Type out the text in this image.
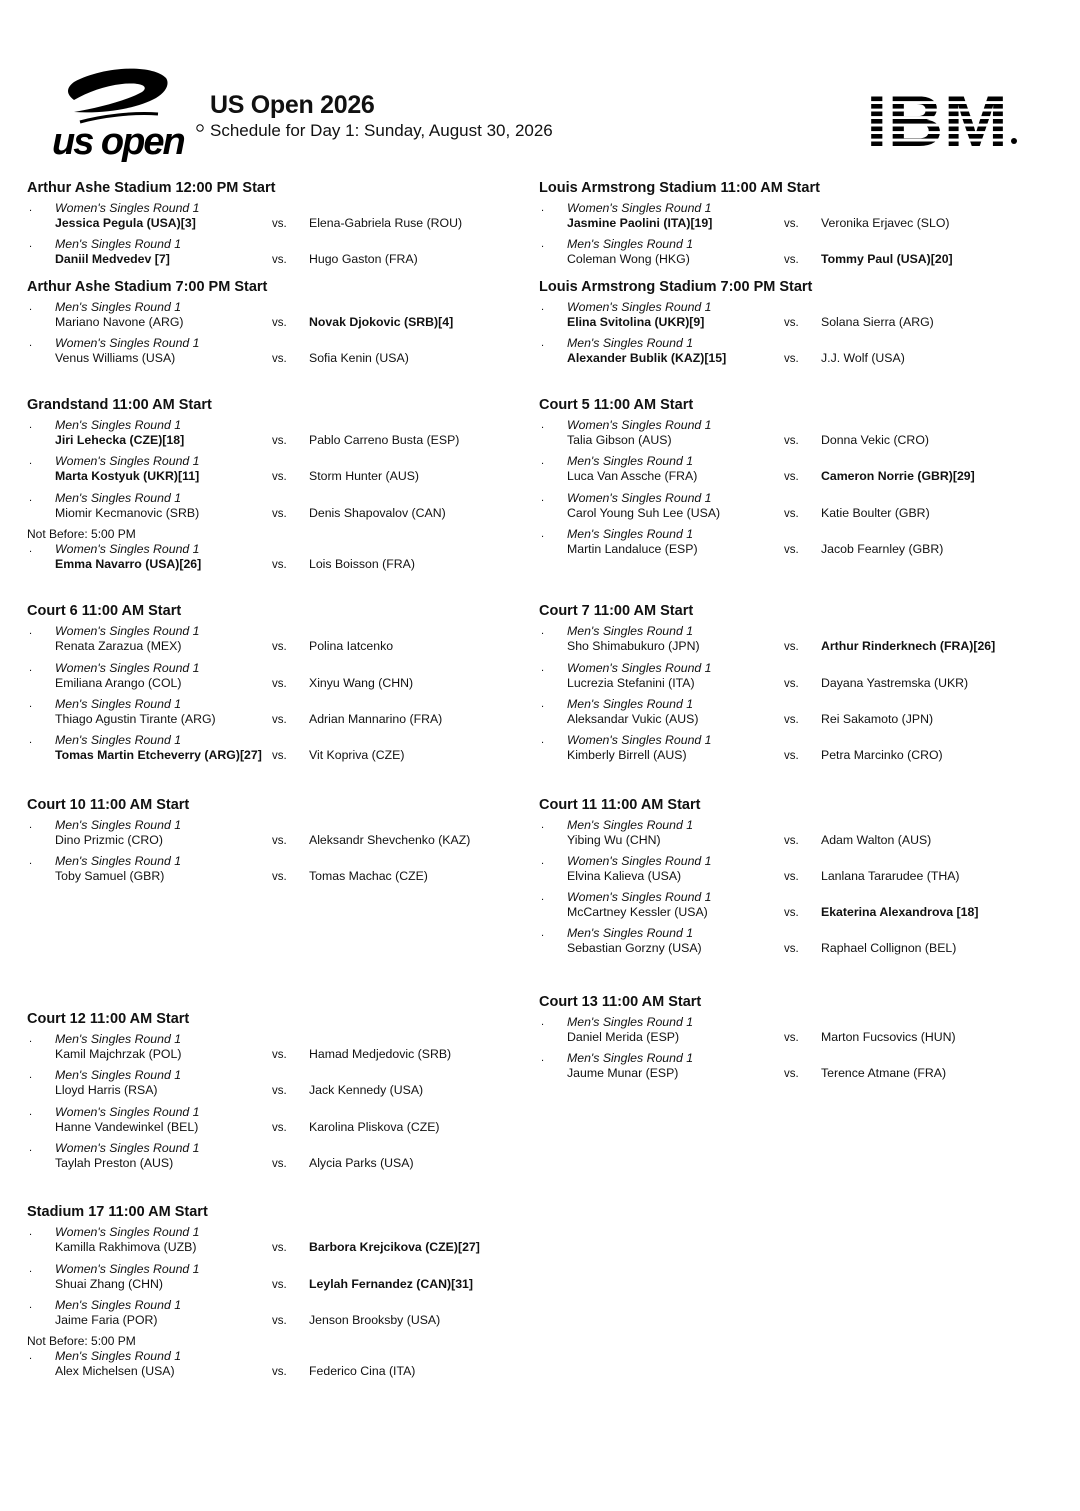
us open
US Open 2026
Schedule for Day 1: Sunday, August 30, 2026	IBM
Arthur Ashe Stadium 12:00 PM Start
. Women's Singles Round 1
Jessica Pegula (USA)[3]	vs. Elena-Gabriela Ruse (ROU)
. Men's Singles Round 1
Daniil Medvedev [7]	vs. Hugo Gaston (FRA)
Arthur Ashe Stadium 7:00 PM Start
. Men's Singles Round 1
Mariano Navone (ARG)	vs. Novak Djokovic (SRB)[4]
. Women's Singles Round 1
Venus Williams (USA)	vs. Sofia Kenin (USA)
Grandstand 11:00 AM Start
. Men's Singles Round 1
Jiri Lehecka (CZE)[18]	vs. Pablo Carreno Busta (ESP)
. Women's Singles Round 1
Marta Kostyuk (UKR)[11]	vs. Storm Hunter (AUS)
. Men's Singles Round 1
Miomir Kecmanovic (SRB)	vs. Denis Shapovalov (CAN)
Not Before: 5:00 PM
. Women's Singles Round 1
Emma Navarro (USA)[26]	vs. Lois Boisson (FRA)
Court 6 11:00 AM Start
. Women's Singles Round 1
Renata Zarazua (MEX)	vs. Polina Iatcenko
. Women's Singles Round 1
Emiliana Arango (COL)	vs. Xinyu Wang (CHN)
. Men's Singles Round 1
Thiago Agustin Tirante (ARG)	vs. Adrian Mannarino (FRA)
. Men's Singles Round 1
Tomas Martin Etcheverry (ARG)[27] vs. Vit Kopriva (CZE)
Court 10 11:00 AM Start
. Men's Singles Round 1
Dino Prizmic (CRO)	vs. Aleksandr Shevchenko (KAZ)
. Men's Singles Round 1
Toby Samuel (GBR)	vs. Tomas Machac (CZE)
Court 12 11:00 AM Start
. Men's Singles Round 1
Kamil Majchrzak (POL)	vs. Hamad Medjedovic (SRB)
. Men's Singles Round 1
Lloyd Harris (RSA)	vs. Jack Kennedy (USA)
. Women's Singles Round 1
Hanne Vandewinkel (BEL)	vs. Karolina Pliskova (CZE)
. Women's Singles Round 1
Taylah Preston (AUS)	vs. Alycia Parks (USA)
Stadium 17 11:00 AM Start
. Women's Singles Round 1
Kamilla Rakhimova (UZB)	vs. Barbora Krejcikova (CZE)[27]
. Women's Singles Round 1
Shuai Zhang (CHN)	vs. Leylah Fernandez (CAN)[31]
. Men's Singles Round 1
Jaime Faria (POR)	vs. Jenson Brooksby (USA)
Not Before: 5:00 PM
. Men's Singles Round 1
Alex Michelsen (USA)	vs. Federico Cina (ITA)
Louis Armstrong Stadium 11:00 AM Start
. Women's Singles Round 1
Jasmine Paolini (ITA)[19]	vs. Veronika Erjavec (SLO)
. Men's Singles Round 1
Coleman Wong (HKG)	vs. Tommy Paul (USA)[20]
Louis Armstrong Stadium 7:00 PM Start
. Women's Singles Round 1
Elina Svitolina (UKR)[9]	vs. Solana Sierra (ARG)
. Men's Singles Round 1
Alexander Bublik (KAZ)[15]	vs. J.J. Wolf (USA)
Court 5 11:00 AM Start
. Women's Singles Round 1
Talia Gibson (AUS)	vs. Donna Vekic (CRO)
. Men's Singles Round 1
Luca Van Assche (FRA)	vs. Cameron Norrie (GBR)[29]
. Women's Singles Round 1
Carol Young Suh Lee (USA)	vs. Katie Boulter (GBR)
. Men's Singles Round 1
Martin Landaluce (ESP)	vs. Jacob Fearnley (GBR)
Court 7 11:00 AM Start
. Men's Singles Round 1
Sho Shimabukuro (JPN)	vs. Arthur Rinderknech (FRA)[26]
. Women's Singles Round 1
Lucrezia Stefanini (ITA)	vs. Dayana Yastremska (UKR)
. Men's Singles Round 1
Aleksandar Vukic (AUS)	vs. Rei Sakamoto (JPN)
. Women's Singles Round 1
Kimberly Birrell (AUS)	vs. Petra Marcinko (CRO)
Court 11 11:00 AM Start
. Men's Singles Round 1
Yibing Wu (CHN)	vs. Adam Walton (AUS)
. Women's Singles Round 1
Elvina Kalieva (USA)	vs. Lanlana Tararudee (THA)
. Women's Singles Round 1
McCartney Kessler (USA)	vs. Ekaterina Alexandrova [18]
. Men's Singles Round 1
Sebastian Gorzny (USA)	vs. Raphael Collignon (BEL)
Court 13 11:00 AM Start
. Men's Singles Round 1
Daniel Merida (ESP)	vs. Marton Fucsovics (HUN)
. Men's Singles Round 1
Jaume Munar (ESP)	vs. Terence Atmane (FRA)
